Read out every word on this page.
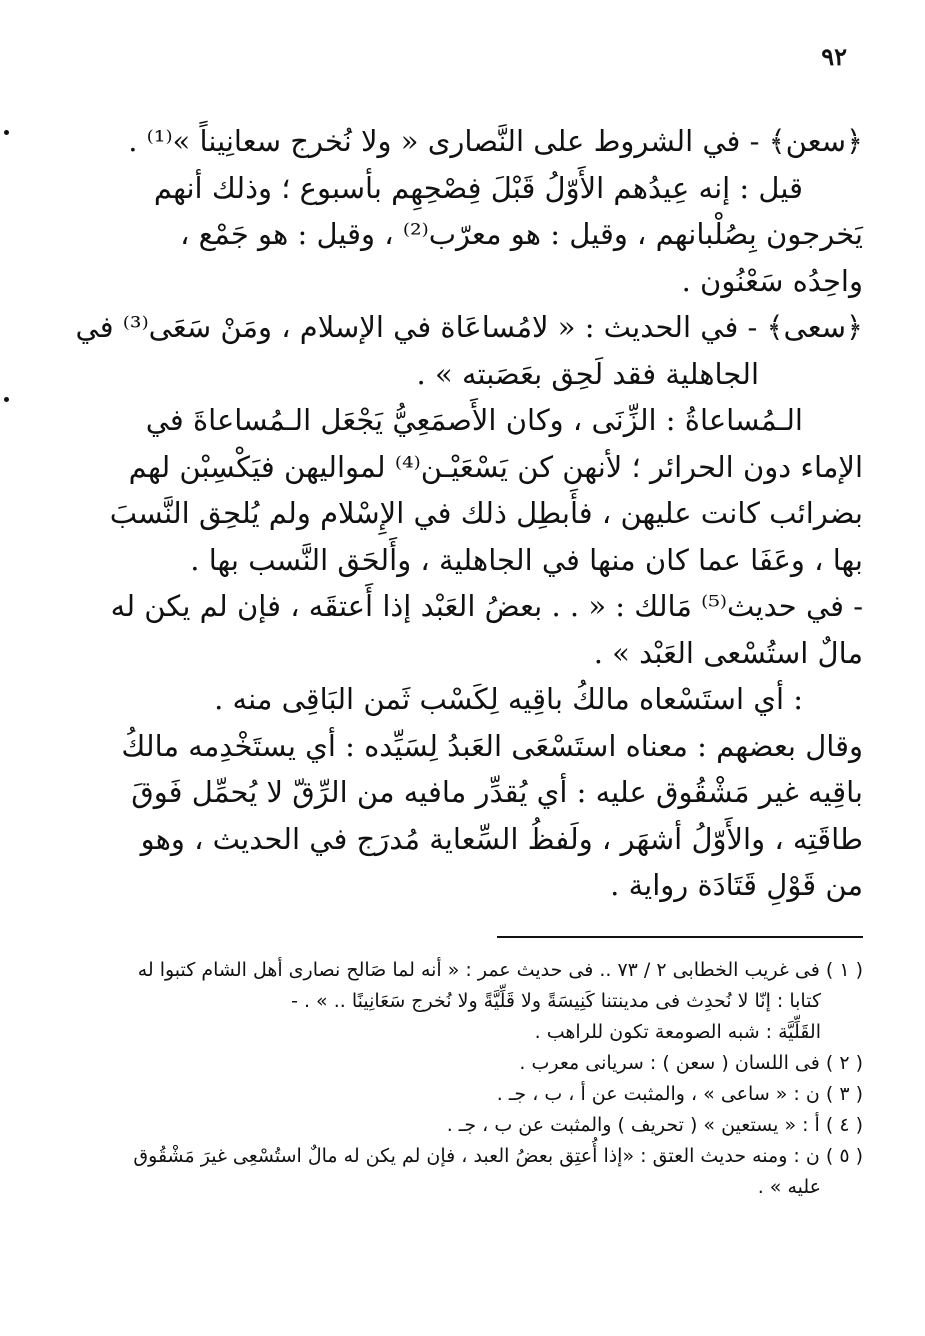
٩٢

﴿سعن﴾ - في الشروط على النَّصارى « ولا نُخرج سعانِيناً »⁽¹⁾ .

قيل : إنه عِيدُهم الأَوّلُ قَبْلَ فِصْحِهِم بأسبوع ؛ وذلك أنهم

يَخرجون بِصُلْبانهم ، وقيل : هو معرّب⁽²⁾ ، وقيل : هو جَمْع ،

واحِدُه سَعْنُون .

﴿سعى﴾ - في الحديث : « لامُساعَاة في الإسلام ، ومَنْ سَعَى⁽³⁾ في

الجاهلية فقد لَحِق بعَصَبته » .

الـمُساعاةُ : الزِّنَى ، وكان الأَصمَعِيُّ يَجْعَل الـمُساعاةَ في

الإماء دون الحرائر ؛ لأنهن كن يَسْعَيْـن⁽⁴⁾ لمواليهن فيَكْسِبْن لهم

بضرائب كانت عليهن ، فأَبطِل ذلك في الإِسْلام ولم يُلحِق النَّسبَ

بها ، وعَفَا عما كان منها في الجاهلية ، وأَلحَق النَّسب بها .

- في حديث⁽⁵⁾ مَالك : « . . بعضُ العَبْد إذا أَعتقَه ، فإن لم يكن له

مالٌ استُسْعى العَبْد » .

: أي استَسْعاه مالكُ باقِيه لِكَسْب ثَمن البَاقِى منه .

وقال بعضهم : معناه استَسْعَى العَبدُ لِسَيِّده : أي يستَخْدِمه مالكُ

باقِيه غير مَشْقُوق عليه : أي يُقدِّر مافيه من الرِّقّ لا يُحمِّل فَوقَ

طاقَتِه ، والأَوّلُ أشهَر ، ولَفظُ السِّعاية مُدرَج في الحديث ، وهو

من قَوْلِ قَتَادَة رواية .

( ١ ) فى غريب الخطابى ٢ / ٧٣ .. فى حديث عمر : « أنه لما صَالح نصارى أهل الشام كتبوا له

كتابا : إنّا لا نُحدِث فى مدينتنا كَنِيسَةً ولا قَلِّيَّةً ولا نُخرج سَعَانِينًا .. » . -

القَلِّيَّة : شبه الصومعة تكون للراهب .

( ٢ ) فى اللسان ( سعن ) : سريانى معرب .

( ٣ ) ن : « ساعى » ، والمثبت عن أ ، ب ، جـ .

( ٤ ) أ : « يستعين » ( تحريف ) والمثبت عن ب ، جـ .

( ٥ ) ن : ومنه حديث العتق : «إذا أُعتِق بعضُ العبد ، فإن لم يكن له مالٌ استُسْعِى غيرَ مَشْقُوق

عليه » .
